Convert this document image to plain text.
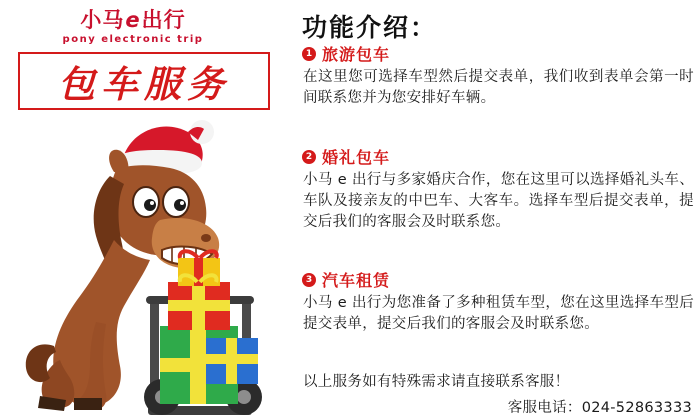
小马e出行
pony electronic trip
包车服务
功能介绍：
1 旅游包车
在这里您可选择车型然后提交表单，我们收到表单会第一时间联系您并为您安排好车辆。
2 婚礼包车
小马 e 出行与多家婚庆合作，您在这里可以选择婚礼头车、车队及接亲友的中巴车、大客车。选择车型后提交表单，提交后我们的客服会及时联系您。
3 汽车租赁
小马 e 出行为您准备了多种租赁车型，您在这里选择车型后提交表单，提交后我们的客服会及时联系您。
以上服务如有特殊需求请直接联系客服！
客服电话：024-52863333
